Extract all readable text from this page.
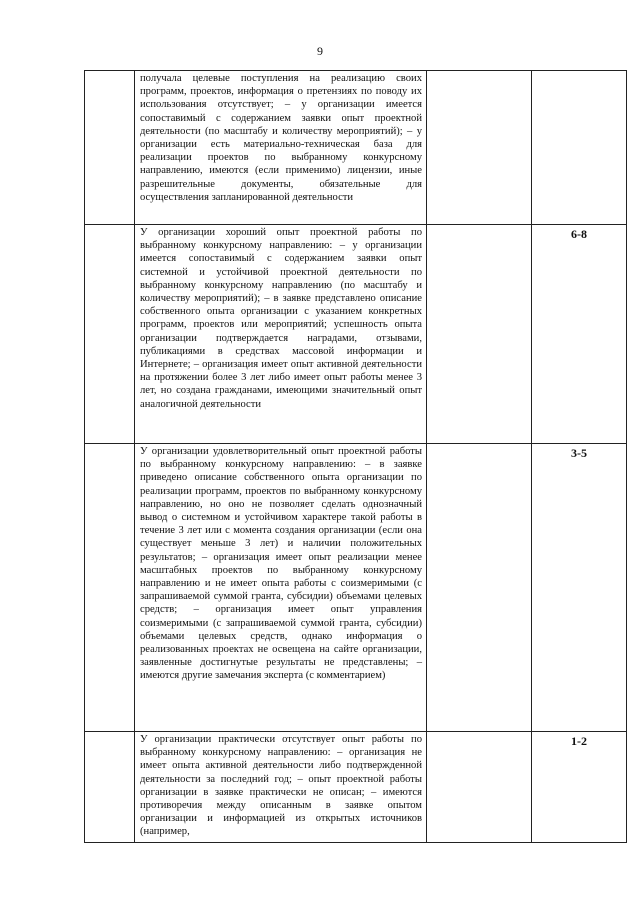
9

	получала целевые поступления на реализацию своих программ, проектов, информация о претензиях по поводу их использования отсутствует; – у организации имеется сопоставимый с содержанием заявки опыт проектной деятельности (по масштабу и количеству мероприятий); – у организации есть материально-техническая база для реализации проектов по выбранному конкурсному направлению, имеются (если применимо) лицензии, иные разрешительные документы, обязательные для осуществления запланированной деятельности		

	У организации хороший опыт проектной работы по выбранному конкурсному направлению: – у организации имеется сопоставимый с содержанием заявки опыт системной и устойчивой проектной деятельности по выбранному конкурсному направлению (по масштабу и количеству мероприятий); – в заявке представлено описание собственного опыта организации с указанием конкретных программ, проектов или мероприятий; успешность опыта организации подтверждается наградами, отзывами, публикациями в средствах массовой информации и Интернете; – организация имеет опыт активной деятельности на протяжении более 3 лет либо имеет опыт работы менее 3 лет, но создана гражданами, имеющими значительный опыт аналогичной деятельности		6-8

	У организации удовлетворительный опыт проектной работы по выбранному конкурсному направлению: – в заявке приведено описание собственного опыта организации по реализации программ, проектов по выбранному конкурсному направлению, но оно не позволяет сделать однозначный вывод о системном и устойчивом характере такой работы в течение 3 лет или с момента создания организации (если она существует меньше 3 лет) и наличии положительных результатов; – организация имеет опыт реализации менее масштабных проектов по выбранному конкурсному направлению и не имеет опыта работы с соизмеримыми (с запрашиваемой суммой гранта, субсидии) объемами целевых средств; – организация имеет опыт управления соизмеримыми (с запрашиваемой суммой гранта, субсидии) объемами целевых средств, однако информация о реализованных проектах не освещена на сайте организации, заявленные достигнутые результаты не представлены; – имеются другие замечания эксперта (с комментарием)		3-5

	У организации практически отсутствует опыт работы по выбранному конкурсному направлению: – организация не имеет опыта активной деятельности либо подтвержденной деятельности за последний год; – опыт проектной работы организации в заявке практически не описан; – имеются противоречия между описанным в заявке опытом организации и информацией из открытых источников (например,		1-2
